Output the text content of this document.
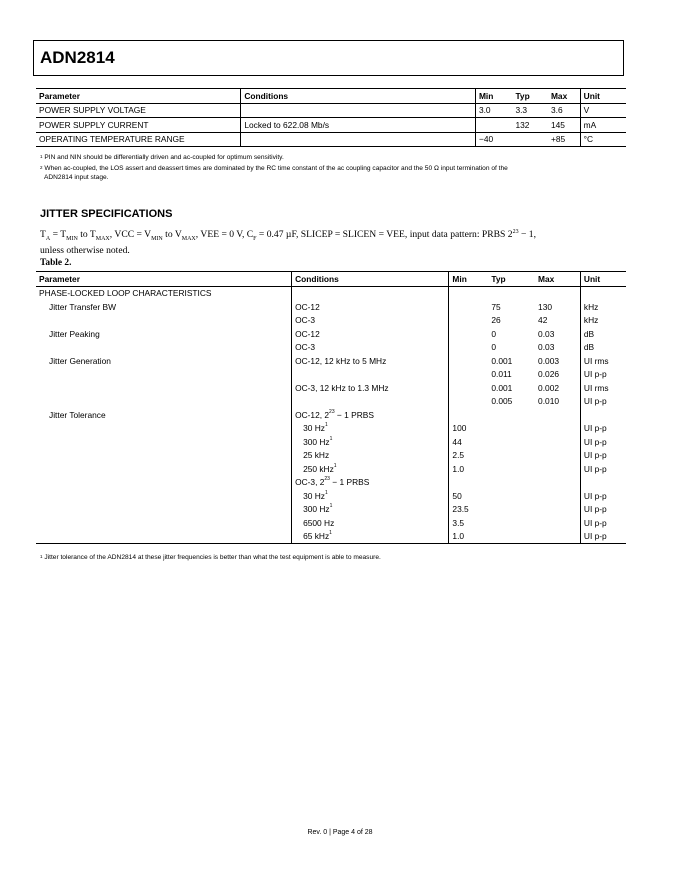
ADN2814
Parameter	Conditions	Min	Typ	Max	Unit
POWER SUPPLY VOLTAGE		3.0	3.3	3.6	V
POWER SUPPLY CURRENT	Locked to 622.08 Mb/s		132	145	mA
OPERATING TEMPERATURE RANGE		−40		+85	°C
$^1$ PIN and NIN should be differentially driven and ac-coupled for optimum sensitivity.
$^2$ When ac-coupled, the LOS assert and deassert times are dominated by the RC time constant of the ac coupling capacitor and the 50 Ω input termination of the
ADN2814 input stage.
JITTER SPECIFICATIONS
$T_A = T_{MIN}$ to $T_{MAX}$, VCC = $V_{MIN}$ to $V_{MAX}$, VEE = 0 V, $C_F = 0.47$ µF, SLICEP = SLICEN = VEE, input data pattern: PRBS $2^{23} - 1$,
unless otherwise noted.
Table 2.
Parameter	Conditions	Min	Typ	Max	Unit
PHASE-LOCKED LOOP CHARACTERISTICS					
Jitter Transfer BW	OC-12		75	130	kHz
	OC-3		26	42	kHz
Jitter Peaking	OC-12		0	0.03	dB
	OC-3		0	0.03	dB
Jitter Generation	OC-12, 12 kHz to 5 MHz		0.001	0.003	UI rms
			0.011	0.026	UI p-p
	OC-3, 12 kHz to 1.3 MHz		0.001	0.002	UI rms
			0.005	0.010	UI p-p
Jitter Tolerance	OC-12, $2^{23} - 1$ PRBS				
	30 Hz$^1$	100			UI p-p
	300 Hz$^1$	44			UI p-p
	25 kHz	2.5			UI p-p
	250 kHz$^1$	1.0			UI p-p
	OC-3, $2^{23} - 1$ PRBS				
	30 Hz$^1$	50			UI p-p
	300 Hz$^1$	23.5			UI p-p
	6500 Hz	3.5			UI p-p
	65 kHz$^1$	1.0			UI p-p
$^1$ Jitter tolerance of the ADN2814 at these jitter frequencies is better than what the test equipment is able to measure.
Rev. 0 | Page 4 of 28
